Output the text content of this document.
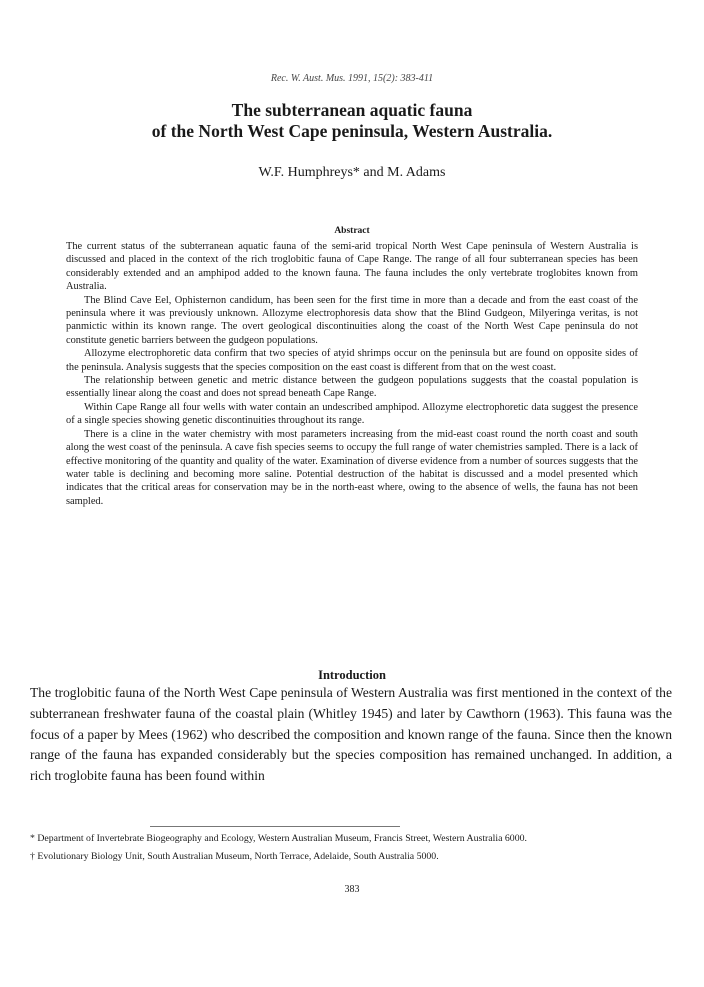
Rec. W. Aust. Mus. 1991, 15(2): 383-411
The subterranean aquatic fauna
of the North West Cape peninsula, Western Australia.
W.F. Humphreys* and M. Adams
Abstract

The current status of the subterranean aquatic fauna of the semi-arid tropical North West Cape peninsula of Western Australia is discussed and placed in the context of the rich troglobitic fauna of Cape Range. The range of all four subterranean species has been considerably extended and an amphipod added to the known fauna. The fauna includes the only vertebrate troglobites known from Australia.

The Blind Cave Eel, Ophisternon candidum, has been seen for the first time in more than a decade and from the east coast of the peninsula where it was previously unknown. Allozyme electrophoresis data show that the Blind Gudgeon, Milyeringa veritas, is not panmictic within its known range. The overt geological discontinuities along the coast of the North West Cape peninsula do not constitute genetic barriers between the gudgeon populations.

Allozyme electrophoretic data confirm that two species of atyid shrimps occur on the peninsula but are found on opposite sides of the peninsula. Analysis suggests that the species composition on the east coast is different from that on the west coast.

The relationship between genetic and metric distance between the gudgeon populations suggests that the coastal population is essentially linear along the coast and does not spread beneath Cape Range.

Within Cape Range all four wells with water contain an undescribed amphipod. Allozyme electrophoretic data suggest the presence of a single species showing genetic discontinuities throughout its range.

There is a cline in the water chemistry with most parameters increasing from the mid-east coast round the north coast and south along the west coast of the peninsula. A cave fish species seems to occupy the full range of water chemistries sampled. There is a lack of effective monitoring of the quantity and quality of the water. Examination of diverse evidence from a number of sources suggests that the water table is declining and becoming more saline. Potential destruction of the habitat is discussed and a model presented which indicates that the critical areas for conservation may be in the north-east where, owing to the absence of wells, the fauna has not been sampled.

Introduction

The troglobitic fauna of the North West Cape peninsula of Western Australia was first mentioned in the context of the subterranean freshwater fauna of the coastal plain (Whitley 1945) and later by Cawthorn (1963). This fauna was the focus of a paper by Mees (1962) who described the composition and known range of the fauna. Since then the known range of the fauna has expanded considerably but the species composition has remained unchanged. In addition, a rich troglobite fauna has been found within

* Department of Invertebrate Biogeography and Ecology, Western Australian Museum, Francis Street, Western Australia 6000.

† Evolutionary Biology Unit, South Australian Museum, North Terrace, Adelaide, South Australia 5000.

383
